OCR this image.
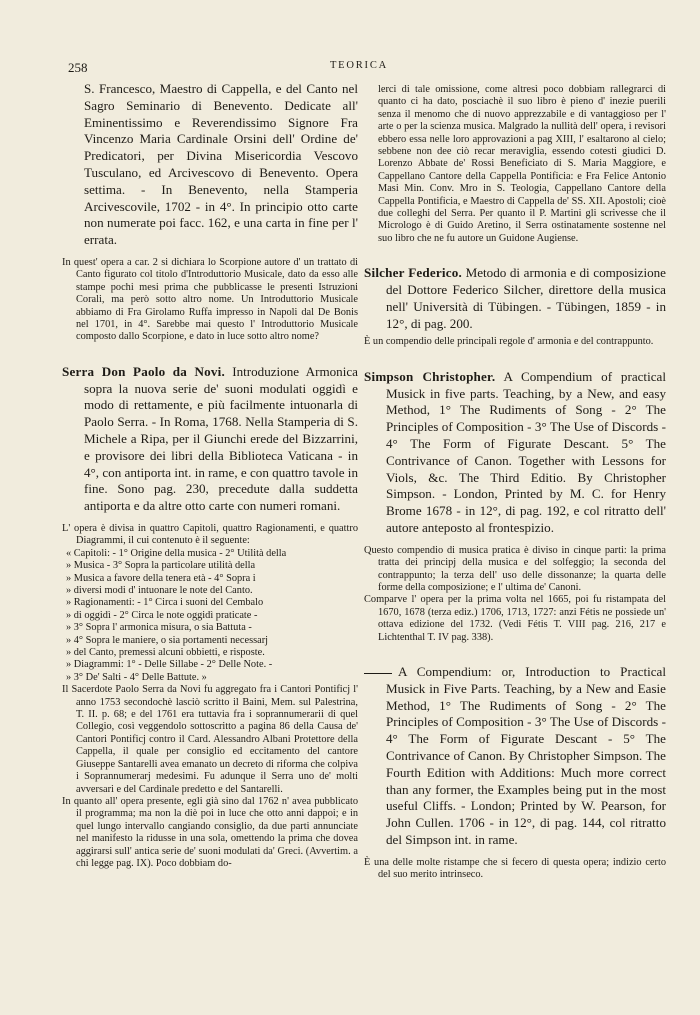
258	TEORICA

S. Francesco, Maestro di Cappella, e del Canto nel Sagro Seminario di Benevento. Dedicate all' Eminentissimo e Reverendissimo Signore Fra Vincenzo Maria Cardinale Orsini dell' Ordine de' Predicatori, per Divina Misericordia Vescovo Tusculano, ed Arcivescovo di Benevento. Opera settima. - In Benevento, nella Stamperia Arcivescovile, 1702 - in 4°. In principio otto carte non numerate poi facc. 162, e una carta in fine per l' errata.

In quest' opera a car. 2 si dichiara lo Scorpione autore d' un trattato di Canto figurato col titolo d'Introduttorio Musicale, dato da esso alle stampe pochi mesi prima che pubblicasse le presenti Istruzioni Corali, ma però sotto altro nome. Un Introduttorio Musicale abbiamo di Fra Girolamo Ruffa impresso in Napoli dal De Bonis nel 1701, in 4°. Sarebbe mai questo l' Introduttorio Musicale composto dallo Scorpione, e dato in luce sotto altro nome?

Serra Don Paolo da Novi. Introduzione Armonica sopra la nuova serie de' suoni modulati oggidì e modo di rettamente, e più facilmente intuonarla di Paolo Serra. - In Roma, 1768. Nella Stamperia di S. Michele a Ripa, per il Giunchi erede del Bizzarrini, e provisore dei libri della Biblioteca Vaticana - in 4°, con antiporta int. in rame, e con quattro tavole in fine. Sono pag. 230, precedute dalla suddetta antiporta e da altre otto carte con numeri romani.

L' opera è divisa in quattro Capitoli, quattro Ragionamenti, e quattro Diagrammi, il cui contenuto è il seguente:

« Capitoli: - 1° Origine della musica - 2° Utilità della
» Musica - 3° Sopra la particolare utilità della
» Musica a favore della tenera età - 4° Sopra i
» diversi modi d' intuonare le note del Canto.
» Ragionamenti: - 1° Circa i suoni del Cembalo
» di oggidì - 2° Circa le note oggidì praticate -
» 3° Sopra l' armonica misura, o sia Battuta -
» 4° Sopra le maniere, o sia portamenti necessarj
» del Canto, premessi alcuni obbietti, e risposte.
» Diagrammi: 1° - Delle Sillabe - 2° Delle Note. -
» 3° De' Salti - 4° Delle Battute. »

Il Sacerdote Paolo Serra da Novi fu aggregato fra i Cantori Pontificj l' anno 1753 secondochè lasciò scritto il Baini, Mem. sul Palestrina, T. II. p. 68; e del 1761 era tuttavia fra i soprannumerarii di quel Collegio, così veggendolo sottoscritto a pagina 86 della Causa de' Cantori Pontificj contro il Card. Alessandro Albani Protettore della Cappella, il quale per consiglio ed eccitamento del cantore Giuseppe Santarelli avea emanato un decreto di riforma che colpiva i Soprannumerarj medesimi. Fu adunque il Serra uno de' molti avversari e del Cardinale predetto e del Santarelli.

In quanto all' opera presente, egli già sino dal 1762 n' avea pubblicato il programma; ma non la diè poi in luce che otto anni dappoi; e in quel lungo intervallo cangiando consiglio, da due parti annunciate nel manifesto la ridusse in una sola, omettendo la prima che dovea aggirarsi sull' antica serie de' suoni modulati da' Greci. (Avvertim. a chi legge pag. IX). Poco dobbiam do-

lerci di tale omissione, come altresì poco dobbiam rallegrarci di quanto ci ha dato, posciachè il suo libro è pieno d' inezie puerili senza il menomo che di nuovo apprezzabile e di vantaggioso per l' arte o per la scienza musica. Malgrado la nullità dell' opera, i revisori ebbero essa nelle loro approvazioni a pag XIII, l' esaltarono al cielo; sebbene non dee ciò recar meraviglia, essendo cotesti giudici D. Lorenzo Abbate de' Rossi Beneficiato di S. Maria Maggiore, e Cappellano Cantore della Cappella Pontificia: e Fra Felice Antonio Masi Min. Conv. Mro in S. Teologia, Cappellano Cantore della Cappella Pontificia, e Maestro di Cappella de' SS. XII. Apostoli; cioè due colleghi del Serra. Per quanto il P. Martini gli scrivesse che il Micrologo è di Guido Aretino, il Serra ostinatamente sostenne nel suo libro che ne fu autore un Guidone Augiense.

Silcher Federico. Metodo di armonia e di composizione del Dottore Federico Silcher, direttore della musica nell' Università di Tübingen. - Tübingen, 1859 - in 12°, di pag. 200.

È un compendio delle principali regole d' armonia e del contrappunto.

Simpson Christopher. A Compendium of practical Musick in five parts. Teaching, by a New, and easy Method, 1° The Rudiments of Song - 2° The Principles of Composition - 3° The Use of Discords - 4° The Form of Figurate Descant. 5° The Contrivance of Canon. Together with Lessons for Viols, &c. The Third Editio. By Christopher Simpson. - London, Printed by M. C. for Henry Brome 1678 - in 12°, di pag. 192, e col ritratto dell' autore anteposto al frontespizio.

Questo compendio di musica pratica è diviso in cinque parti: la prima tratta dei principj della musica e del solfeggio; la seconda del contrappunto; la terza dell' uso delle dissonanze; la quarta delle forme della composizione; e l' ultima de' Canoni.

Comparve l' opera per la prima volta nel 1665, poi fu ristampata del 1670, 1678 (terza ediz.) 1706, 1713, 1727: anzi Fétis ne possiede un' ottava edizione del 1732. (Vedi Fétis T. VIII pag. 216, 217 e Lichtenthal T. IV pag. 338).

A Compendium: or, Introduction to Practical Musick in Five Parts. Teaching, by a New and Easie Method, 1° The Rudiments of Song - 2° The Principles of Composition - 3° The Use of Discords - 4° The Form of Figurate Descant - 5° The Contrivance of Canon. By Christopher Simpson. The Fourth Edition with Additions: Much more correct than any former, the Examples being put in the most useful Cliffs. - London; Printed by W. Pearson, for John Cullen. 1706 - in 12°, di pag. 144, col ritratto del Simpson int. in rame.

È una delle molte ristampe che si fecero di questa opera; indizio certo del suo merito intrinseco.
